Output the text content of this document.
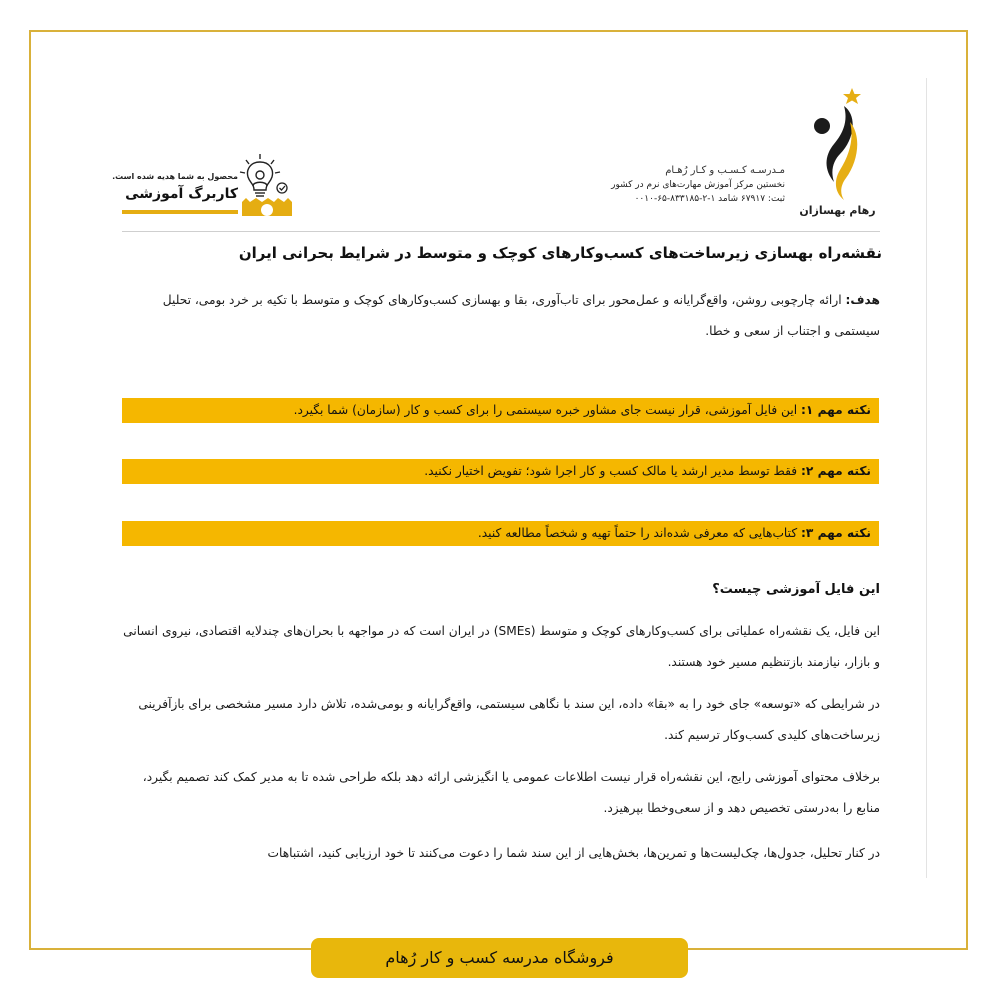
رهام بهسازان
مـدرسـه کـسـب و کـار رُهـام
نخستین مرکز آموزش مهارت‌های نرم در کشور
ثبت: ۶۷۹۱۷ شامد ۱-۲-۸۳۳۱۸۵-۶۵-۰۰۱۰
محصول به شما هدیه شده است.
کاربرگ آموزشی
نقشه‌راه بهسازی زیرساخت‌های کسب‌وکارهای کوچک و متوسط در شرایط بحرانی ایران
هدف: ارائه چارچوبی روشن، واقع‌گرایانه و عمل‌محور برای تاب‌آوری، بقا و بهسازی کسب‌وکارهای کوچک و متوسط با تکیه بر خرد بومی، تحلیل سیستمی و اجتناب از سعی و خطا.
نکته مهم ۱: این فایل آموزشی، قرار نیست جای مشاور خبره سیستمی را برای کسب و کار (سازمان) شما بگیرد.
نکته مهم ۲: فقط توسط مدیر ارشد یا مالک کسب و کار اجرا شود؛ تفویض اختیار نکنید.
نکته مهم ۳: کتاب‌هایی که معرفی شده‌اند را حتماً تهیه و شخصاً مطالعه کنید.
این فایل آموزشی چیست؟
این فایل، یک نقشه‌راه عملیاتی برای کسب‌وکارهای کوچک و متوسط (SMEs) در ایران است که در مواجهه با بحران‌های چندلایه اقتصادی، نیروی انسانی و بازار، نیازمند بازتنظیم مسیر خود هستند.
در شرایطی که «توسعه» جای خود را به «بقا» داده، این سند با نگاهی سیستمی، واقع‌گرایانه و بومی‌شده، تلاش دارد مسیر مشخصی برای بازآفرینی زیرساخت‌های کلیدی کسب‌وکار ترسیم کند.
برخلاف محتوای آموزشی رایج، این نقشه‌راه قرار نیست اطلاعات عمومی یا انگیزشی ارائه دهد بلکه طراحی شده تا به مدیر کمک کند تصمیم بگیرد، منابع را به‌درستی تخصیص دهد و از سعی‌وخطا بپرهیزد.
در کنار تحلیل، جدول‌ها، چک‌لیست‌ها و تمرین‌ها، بخش‌هایی از این سند شما را دعوت می‌کنند تا خود ارزیابی کنید، اشتباهات
فروشگاه مدرسه کسب و کار رُهام
